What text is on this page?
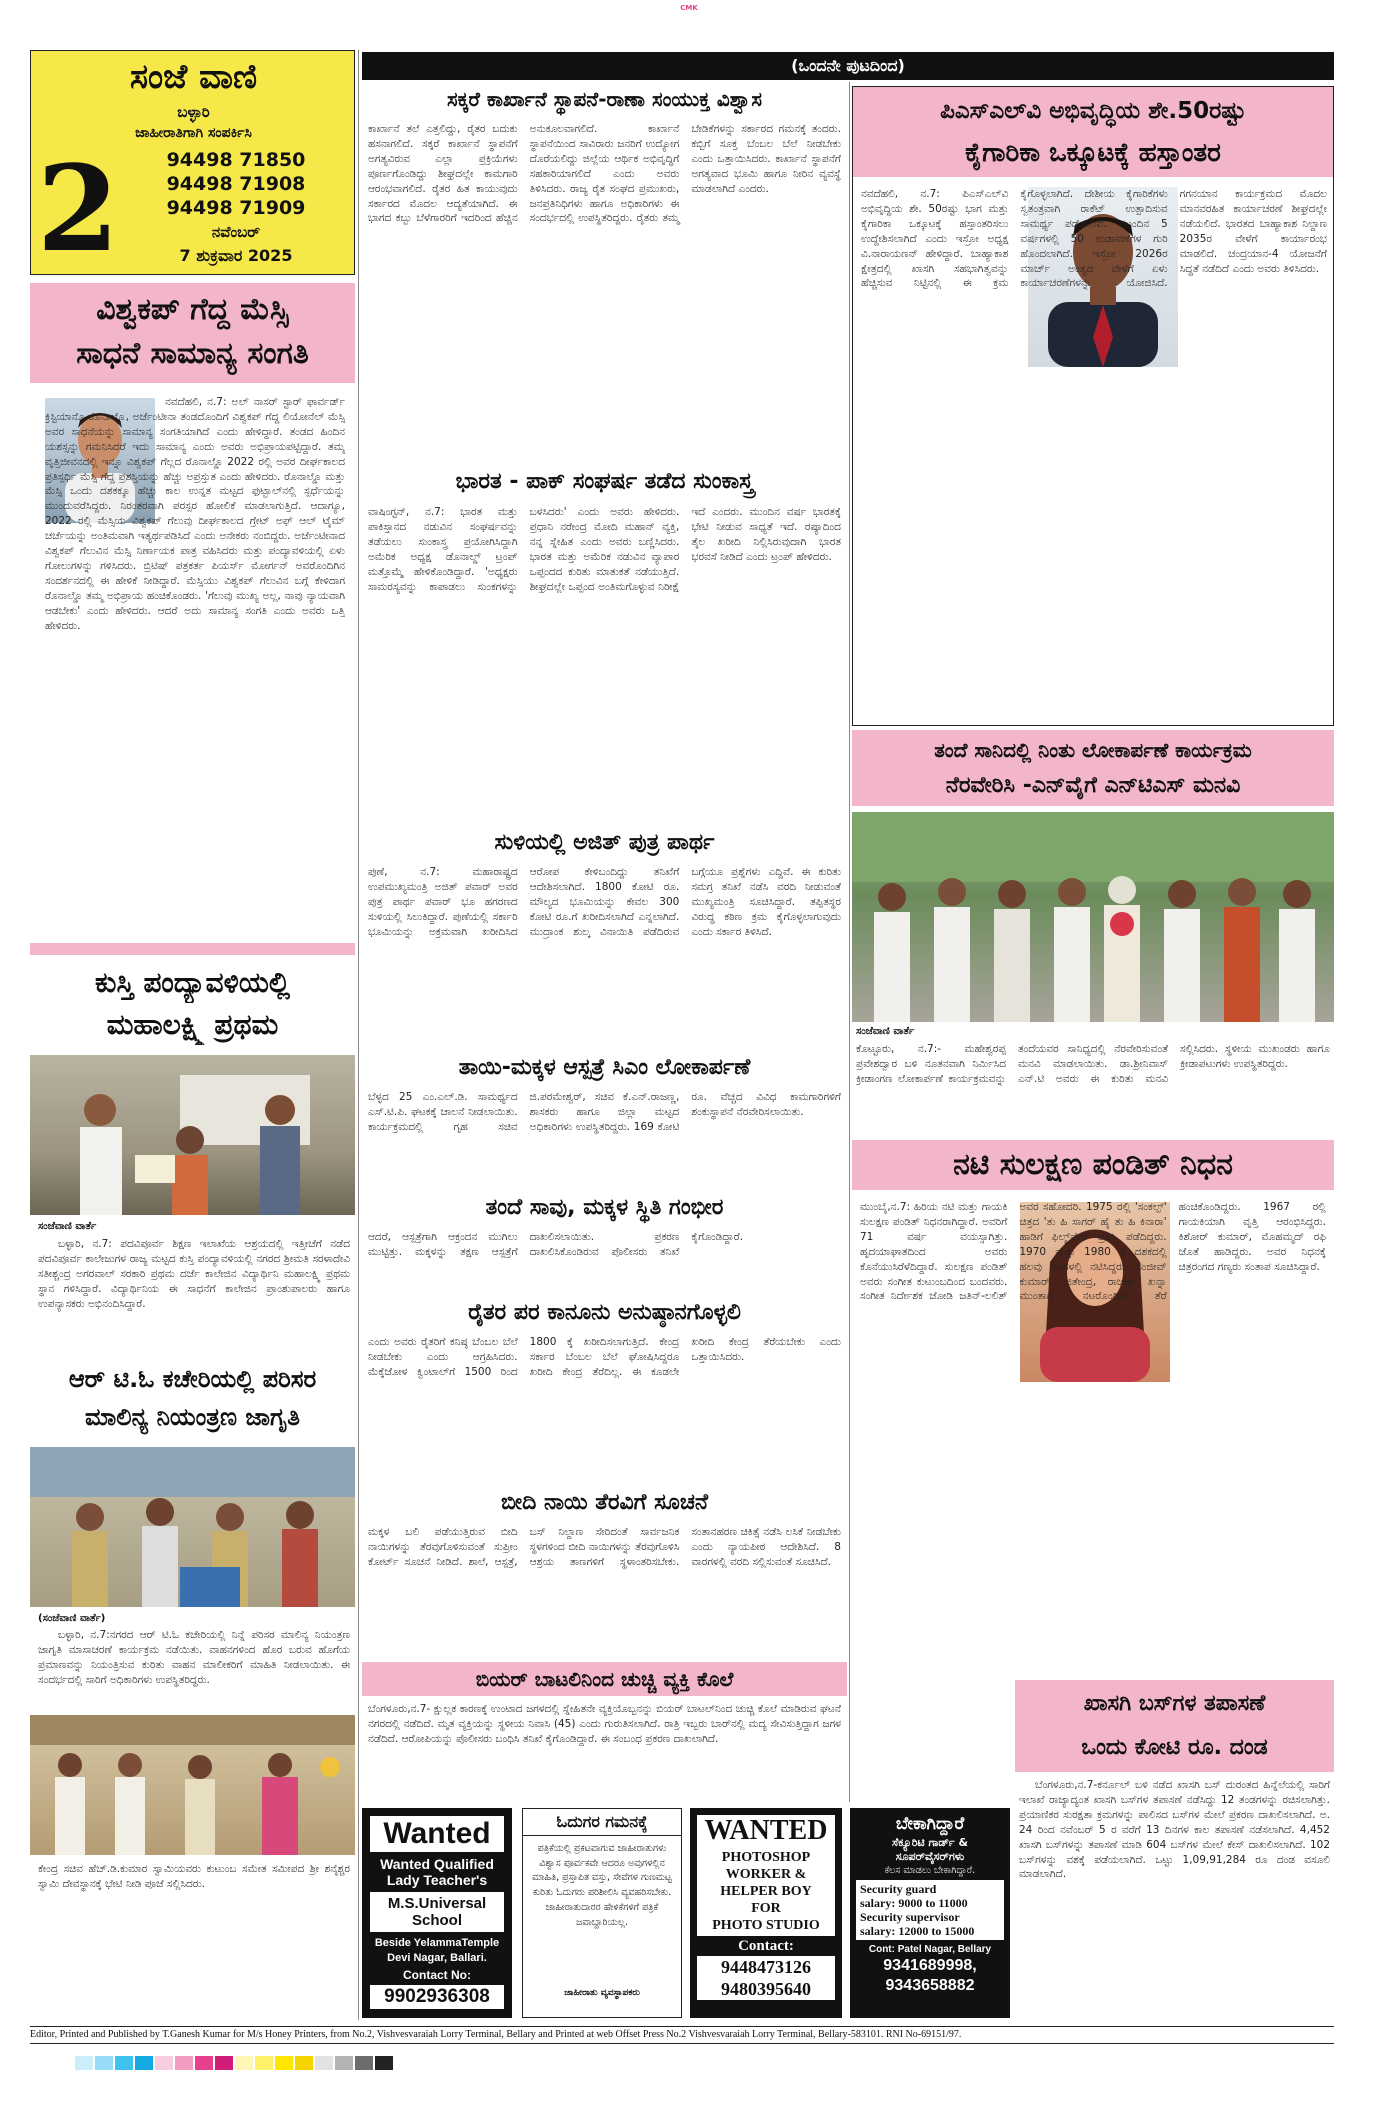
CMK
ಸಂಜೆ ವಾಣಿ
ಬಳ್ಳಾರಿ
ಜಾಹೀರಾತಿಗಾಗಿ ಸಂಪರ್ಕಿಸಿ
2	94498 71850
94498 71908
94498 71909
ನವೆಂಬರ್
7 ಶುಕ್ರವಾರ 2025
ವಿಶ್ವಕಪ್ ಗೆದ್ದ ಮೆಸ್ಸಿ
ಸಾಧನೆ ಸಾಮಾನ್ಯ ಸಂಗತಿ
ನವದೆಹಲಿ, ನ.7: ಅಲ್ ನಾಸರ್ ಸ್ಟಾರ್ ಫಾರ್ವರ್ಡ್ ಕ್ರಿಸ್ಟಿಯಾನೊ ರೊನಾಲ್ಡೊ, ಅರ್ಜೆಂಟೀನಾ ತಂಡದೊಂದಿಗೆ ವಿಶ್ವಕಪ್ ಗೆದ್ದ ಲಿಯೋನೆಲ್ ಮೆಸ್ಸಿ ಅವರ ಸಾಧನೆಯನ್ನು ಸಾಮಾನ್ಯ ಸಂಗತಿಯಾಗಿದೆ ಎಂದು ಹೇಳಿದ್ದಾರೆ. ತಂಡದ ಹಿಂದಿನ ಯಶಸ್ಸನ್ನು ಗಮನಿಸಿದರೆ ಇದು ಸಾಮಾನ್ಯ ಎಂದು ಅವರು ಅಭಿಪ್ರಾಯಪಟ್ಟಿದ್ದಾರೆ. ತಮ್ಮ ವೃತ್ತಿಜೀವನದಲ್ಲಿ ಇನ್ನೂ ವಿಶ್ವಕಪ್ ಗೆಲ್ಲದ ರೊನಾಲ್ಡೊ 2022 ರಲ್ಲಿ ಅವರ ದೀರ್ಘಕಾಲದ ಪ್ರತಿಸ್ಪರ್ಧಿ ಮೆಸ್ಸಿ ಗೆದ್ದ ಪ್ರಶಸ್ತಿಯನ್ನು ಹೆಚ್ಚು ಅಪ್ರಸ್ತುತ ಎಂದು ಹೇಳಿದರು. ರೊನಾಲ್ಡೊ ಮತ್ತು ಮೆಸ್ಸಿ ಒಂದು ದಶಕಕ್ಕೂ ಹೆಚ್ಚು ಕಾಲ ಉನ್ನತ ಮಟ್ಟದ ಫುಟ್ಬಾಲ್‌ನಲ್ಲಿ ಸ್ಪರ್ಧೆಯನ್ನು ಮುಂದುವರೆಸಿದ್ದರು. ನಿರಂತರವಾಗಿ ಪರಸ್ಪರ ಹೋಲಿಕೆ ಮಾಡಲಾಗುತ್ತಿದೆ. ಆದಾಗ್ಯೂ, 2022 ರಲ್ಲಿ ಮೆಸ್ಸಿಯ ವಿಶ್ವಕಪ್ ಗೆಲುವು ದೀರ್ಘಕಾಲದ ಗ್ರೇಟ್ ಅಫ್ ಆಲ್ ಟೈಮ್ ಚರ್ಚೆಯನ್ನು ಅಂತಿಮವಾಗಿ ಇತ್ಯರ್ಥಪಡಿಸಿದೆ ಎಂದು ಅನೇಕರು ನಂಬಿದ್ದರು. ಅರ್ಜೆಂಟೀನಾದ ವಿಶ್ವಕಪ್ ಗೆಲುವಿನ ಮೆಸ್ಸಿ ನಿರ್ಣಾಯಕ ಪಾತ್ರ ವಹಿಸಿದರು ಮತ್ತು ಪಂದ್ಯಾವಳಿಯಲ್ಲಿ ಏಳು ಗೋಲುಗಳನ್ನು ಗಳಿಸಿದರು. ಬ್ರಿಟಿಷ್ ಪತ್ರಕರ್ತ ಪಿಯರ್ಸ್ ಮೋರ್ಗನ್ ಅವರೊಂದಿಗಿನ ಸಂದರ್ಶನದಲ್ಲಿ ಈ ಹೇಳಿಕೆ ನೀಡಿದ್ದಾರೆ. ಮೆಸ್ಸಿಯು ವಿಶ್ವಕಪ್ ಗೆಲುವಿನ ಬಗ್ಗೆ ಕೇಳಿದಾಗ ರೊನಾಲ್ಡೊ ತಮ್ಮ ಅಭಿಪ್ರಾಯ ಹಂಚಿಕೊಂಡರು. 'ಗೆಲುವು ಮುಖ್ಯ ಅಲ್ಲ, ನಾವು ನ್ಯಾಯವಾಗಿ ಆಡಬೇಕು' ಎಂದು ಹೇಳಿದರು. ಆದರೆ ಅದು ಸಾಮಾನ್ಯ ಸಂಗತಿ ಎಂದು ಅವರು ಒತ್ತಿ ಹೇಳಿದರು.
ಕುಸ್ತಿ ಪಂದ್ಯಾವಳಿಯಲ್ಲಿ
ಮಹಾಲಕ್ಷ್ಮಿ ಪ್ರಥಮ
ಸಂಜೆವಾಣಿ ವಾರ್ತೆ
ಬಳ್ಳಾರಿ, ನ.7: ಪದವಿಪೂರ್ವ ಶಿಕ್ಷಣ ಇಲಾಖೆಯ ಆಶ್ರಯದಲ್ಲಿ ಇತ್ತೀಚೆಗೆ ನಡೆದ ಪದವಿಪೂರ್ವ ಕಾಲೇಜುಗಳ ರಾಜ್ಯ ಮಟ್ಟದ ಕುಸ್ತಿ ಪಂದ್ಯಾವಳಿಯಲ್ಲಿ ನಗರದ ಶ್ರೀಮತಿ ಸರಳಾದೇವಿ ಸತೀಶ್ಚಂದ್ರ ಅಗರವಾಲ್ ಸರಕಾರಿ ಪ್ರಥಮ ದರ್ಜೆ ಕಾಲೇಜಿನ ವಿದ್ಯಾರ್ಥಿನಿ ಮಹಾಲಕ್ಷ್ಮಿ ಪ್ರಥಮ ಸ್ಥಾನ ಗಳಿಸಿದ್ದಾರೆ. ವಿದ್ಯಾರ್ಥಿನಿಯ ಈ ಸಾಧನೆಗೆ ಕಾಲೇಜಿನ ಪ್ರಾಂಶುಪಾಲರು ಹಾಗೂ ಉಪನ್ಯಾಸಕರು ಅಭಿನಂದಿಸಿದ್ದಾರೆ.
ಆರ್ ಟಿ.ಓ ಕಚೇರಿಯಲ್ಲಿ ಪರಿಸರ
ಮಾಲಿನ್ಯ ನಿಯಂತ್ರಣ ಜಾಗೃತಿ
(ಸಂಜೆವಾಣಿ ವಾರ್ತೆ)
ಬಳ್ಳಾರಿ, ನ.7:ನಗರದ ಆರ್ ಟಿ.ಓ ಕಚೇರಿಯಲ್ಲಿ ನಿನ್ನೆ ಪರಿಸರ ಮಾಲಿನ್ಯ ನಿಯಂತ್ರಣ ಜಾಗೃತಿ ಮಾಸಾಚರಣೆ ಕಾರ್ಯಕ್ರಮ ನಡೆಯಿತು. ವಾಹನಗಳಿಂದ ಹೊರ ಬರುವ ಹೊಗೆಯ ಪ್ರಮಾಣವನ್ನು ನಿಯಂತ್ರಿಸುವ ಕುರಿತು ವಾಹನ ಮಾಲೀಕರಿಗೆ ಮಾಹಿತಿ ನೀಡಲಾಯಿತು. ಈ ಸಂದರ್ಭದಲ್ಲಿ ಸಾರಿಗೆ ಅಧಿಕಾರಿಗಳು ಉಪಸ್ಥಿತರಿದ್ದರು.
ಕೇಂದ್ರ ಸಚಿವ ಹೆಚ್.ಡಿ.ಕುಮಾರ ಸ್ವಾಮಿಯವರು ಕುಟುಂಬ ಸಮೇತ ಸಮೀಪದ ಶ್ರೀ ಶನೈಶ್ಚರ ಸ್ವಾಮಿ ದೇವಸ್ಥಾನಕ್ಕೆ ಭೇಟಿ ನೀಡಿ ಪೂಜೆ ಸಲ್ಲಿಸಿದರು.
(ಒಂದನೇ ಪುಟದಿಂದ)
ಸಕ್ಕರೆ ಕಾರ್ಖಾನೆ ಸ್ಥಾಪನೆ-ರಾಣಾ ಸಂಯುಕ್ತ ವಿಶ್ವಾಸ
ಕಾರ್ಖಾನೆ ತಲೆ ಎತ್ತಲಿದ್ದು, ರೈತರ ಬದುಕು ಹಸನಾಗಲಿದೆ. ಸಕ್ಕರೆ ಕಾರ್ಖಾನೆ ಸ್ಥಾಪನೆಗೆ ಅಗತ್ಯವಿರುವ ಎಲ್ಲಾ ಪ್ರಕ್ರಿಯೆಗಳು ಪೂರ್ಣಗೊಂಡಿದ್ದು ಶೀಘ್ರದಲ್ಲೇ ಕಾಮಗಾರಿ ಆರಂಭವಾಗಲಿದೆ. ರೈತರ ಹಿತ ಕಾಯುವುದು ಸರ್ಕಾರದ ಮೊದಲ ಆದ್ಯತೆಯಾಗಿದೆ. ಈ ಭಾಗದ ಕಬ್ಬು ಬೆಳೆಗಾರರಿಗೆ ಇದರಿಂದ ಹೆಚ್ಚಿನ ಅನುಕೂಲವಾಗಲಿದೆ. ಕಾರ್ಖಾನೆ ಸ್ಥಾಪನೆಯಿಂದ ಸಾವಿರಾರು ಜನರಿಗೆ ಉದ್ಯೋಗ ದೊರೆಯಲಿದ್ದು ಜಿಲ್ಲೆಯ ಆರ್ಥಿಕ ಅಭಿವೃದ್ಧಿಗೆ ಸಹಕಾರಿಯಾಗಲಿದೆ ಎಂದು ಅವರು ತಿಳಿಸಿದರು. ರಾಜ್ಯ ರೈತ ಸಂಘದ ಪ್ರಮುಖರು, ಜನಪ್ರತಿನಿಧಿಗಳು ಹಾಗೂ ಅಧಿಕಾರಿಗಳು ಈ ಸಂದರ್ಭದಲ್ಲಿ ಉಪಸ್ಥಿತರಿದ್ದರು. ರೈತರು ತಮ್ಮ ಬೇಡಿಕೆಗಳನ್ನು ಸರ್ಕಾರದ ಗಮನಕ್ಕೆ ತಂದರು. ಕಬ್ಬಿಗೆ ಸೂಕ್ತ ಬೆಂಬಲ ಬೆಲೆ ನೀಡಬೇಕು ಎಂದು ಒತ್ತಾಯಿಸಿದರು. ಕಾರ್ಖಾನೆ ಸ್ಥಾಪನೆಗೆ ಅಗತ್ಯವಾದ ಭೂಮಿ ಹಾಗೂ ನೀರಿನ ವ್ಯವಸ್ಥೆ ಮಾಡಲಾಗಿದೆ ಎಂದರು.
ಭಾರತ - ಪಾಕ್ ಸಂಘರ್ಷ ತಡೆದ ಸುಂಕಾಸ್ತ್ರ
ವಾಷಿಂಗ್ಟನ್, ನ.7: ಭಾರತ ಮತ್ತು ಪಾಕಿಸ್ತಾನದ ನಡುವಿನ ಸಂಘರ್ಷವನ್ನು ತಡೆಯಲು ಸುಂಕಾಸ್ತ್ರ ಪ್ರಯೋಗಿಸಿದ್ದಾಗಿ ಅಮೆರಿಕ ಅಧ್ಯಕ್ಷ ಡೊನಾಲ್ಡ್ ಟ್ರಂಪ್ ಮತ್ತೊಮ್ಮೆ ಹೇಳಿಕೊಂಡಿದ್ದಾರೆ. 'ಅಧ್ಯಕ್ಷರು ಸಾಮರಸ್ಯವನ್ನು ಕಾಪಾಡಲು ಸುಂಕಗಳನ್ನು ಬಳಸಿದರು' ಎಂದು ಅವರು ಹೇಳಿದರು. ಪ್ರಧಾನಿ ನರೇಂದ್ರ ಮೋದಿ ಮಹಾನ್ ವ್ಯಕ್ತಿ, ನನ್ನ ಸ್ನೇಹಿತ ಎಂದು ಅವರು ಬಣ್ಣಿಸಿದರು. ಭಾರತ ಮತ್ತು ಅಮೆರಿಕ ನಡುವಿನ ವ್ಯಾಪಾರ ಒಪ್ಪಂದದ ಕುರಿತು ಮಾತುಕತೆ ನಡೆಯುತ್ತಿದೆ. ಶೀಘ್ರದಲ್ಲೇ ಒಪ್ಪಂದ ಅಂತಿಮಗೊಳ್ಳುವ ನಿರೀಕ್ಷೆ ಇದೆ ಎಂದರು. ಮುಂದಿನ ವರ್ಷ ಭಾರತಕ್ಕೆ ಭೇಟಿ ನೀಡುವ ಸಾಧ್ಯತೆ ಇದೆ. ರಷ್ಯಾದಿಂದ ತೈಲ ಖರೀದಿ ನಿಲ್ಲಿಸಿರುವುದಾಗಿ ಭಾರತ ಭರವಸೆ ನೀಡಿದೆ ಎಂದು ಟ್ರಂಪ್ ಹೇಳಿದರು.
ಸುಳಿಯಲ್ಲಿ ಅಜಿತ್ ಪುತ್ರ ಪಾರ್ಥ
ಪುಣೆ, ನ.7: ಮಹಾರಾಷ್ಟ್ರದ ಉಪಮುಖ್ಯಮಂತ್ರಿ ಅಜಿತ್ ಪವಾರ್ ಅವರ ಪುತ್ರ ಪಾರ್ಥ ಪವಾರ್ ಭೂ ಹಗರಣದ ಸುಳಿಯಲ್ಲಿ ಸಿಲುಕಿದ್ದಾರೆ. ಪುಣೆಯಲ್ಲಿ ಸರ್ಕಾರಿ ಭೂಮಿಯನ್ನು ಅಕ್ರಮವಾಗಿ ಖರೀದಿಸಿದ ಆರೋಪ ಕೇಳಿಬಂದಿದ್ದು ತನಿಖೆಗೆ ಆದೇಶಿಸಲಾಗಿದೆ. 1800 ಕೋಟಿ ರೂ. ಮೌಲ್ಯದ ಭೂಮಿಯನ್ನು ಕೇವಲ 300 ಕೋಟಿ ರೂ.ಗೆ ಖರೀದಿಸಲಾಗಿದೆ ಎನ್ನಲಾಗಿದೆ. ಮುದ್ರಾಂಕ ಶುಲ್ಕ ವಿನಾಯಿತಿ ಪಡೆದಿರುವ ಬಗ್ಗೆಯೂ ಪ್ರಶ್ನೆಗಳು ಎದ್ದಿವೆ. ಈ ಕುರಿತು ಸಮಗ್ರ ತನಿಖೆ ನಡೆಸಿ ವರದಿ ನೀಡುವಂತೆ ಮುಖ್ಯಮಂತ್ರಿ ಸೂಚಿಸಿದ್ದಾರೆ. ತಪ್ಪಿತಸ್ಥರ ವಿರುದ್ಧ ಕಠಿಣ ಕ್ರಮ ಕೈಗೊಳ್ಳಲಾಗುವುದು ಎಂದು ಸರ್ಕಾರ ತಿಳಿಸಿದೆ.
ತಾಯಿ-ಮಕ್ಕಳ ಆಸ್ಪತ್ರೆ ಸಿಎಂ ಲೋಕಾರ್ಪಣೆ
ಬೆಳ್ಳದ 25 ಎಂ.ಎಲ್.ಡಿ. ಸಾಮರ್ಥ್ಯದ ಎಸ್.ಟಿ.ಪಿ. ಘಟಕಕ್ಕೆ ಚಾಲನೆ ನೀಡಲಾಯಿತು. ಕಾರ್ಯಕ್ರಮದಲ್ಲಿ ಗೃಹ ಸಚಿವ ಜಿ.ಪರಮೇಶ್ವರ್, ಸಚಿವ ಕೆ.ಎನ್.ರಾಜಣ್ಣ, ಶಾಸಕರು ಹಾಗೂ ಜಿಲ್ಲಾ ಮಟ್ಟದ ಅಧಿಕಾರಿಗಳು ಉಪಸ್ಥಿತರಿದ್ದರು. 169 ಕೋಟಿ ರೂ. ವೆಚ್ಚದ ವಿವಿಧ ಕಾಮಗಾರಿಗಳಿಗೆ ಶಂಕುಸ್ಥಾಪನೆ ನೆರವೇರಿಸಲಾಯಿತು.
ತಂದೆ ಸಾವು, ಮಕ್ಕಳ ಸ್ಥಿತಿ ಗಂಭೀರ
ಆದರೆ, ಆಸ್ಪತ್ರೆಗಾಗಿ ಆಕ್ರಂದನ ಮುಗಿಲು ಮುಟ್ಟಿತ್ತು. ಮಕ್ಕಳನ್ನು ತಕ್ಷಣ ಆಸ್ಪತ್ರೆಗೆ ದಾಖಲಿಸಲಾಯಿತು. ಪ್ರಕರಣ ದಾಖಲಿಸಿಕೊಂಡಿರುವ ಪೊಲೀಸರು ತನಿಖೆ ಕೈಗೊಂಡಿದ್ದಾರೆ.
ರೈತರ ಪರ ಕಾನೂನು ಅನುಷ್ಠಾನಗೊಳ್ಳಲಿ
ಎಂದು ಅವರು ರೈತರಿಗೆ ಕನಿಷ್ಠ ಬೆಂಬಲ ಬೆಲೆ ನೀಡಬೇಕು ಎಂದು ಆಗ್ರಹಿಸಿದರು. ಮೆಕ್ಕೆಜೋಳ ಕ್ವಿಂಟಾಲ್‌ಗೆ 1500 ರಿಂದ 1800 ಕ್ಕೆ ಖರೀದಿಸಲಾಗುತ್ತಿದೆ. ಕೇಂದ್ರ ಸರ್ಕಾರ ಬೆಂಬಲ ಬೆಲೆ ಘೋಷಿಸಿದ್ದರೂ ಖರೀದಿ ಕೇಂದ್ರ ತೆರೆದಿಲ್ಲ. ಈ ಕೂಡಲೇ ಖರೀದಿ ಕೇಂದ್ರ ತೆರೆಯಬೇಕು ಎಂದು ಒತ್ತಾಯಿಸಿದರು.
ಬೀದಿ ನಾಯಿ ತೆರವಿಗೆ ಸೂಚನೆ
ಮಕ್ಕಳ ಬಲಿ ಪಡೆಯುತ್ತಿರುವ ಬೀದಿ ನಾಯಿಗಳನ್ನು ತೆರವುಗೊಳಿಸುವಂತೆ ಸುಪ್ರೀಂ ಕೋರ್ಟ್ ಸೂಚನೆ ನೀಡಿದೆ. ಶಾಲೆ, ಆಸ್ಪತ್ರೆ, ಬಸ್ ನಿಲ್ದಾಣ ಸೇರಿದಂತೆ ಸಾರ್ವಜನಿಕ ಸ್ಥಳಗಳಿಂದ ಬೀದಿ ನಾಯಿಗಳನ್ನು ತೆರವುಗೊಳಿಸಿ ಆಶ್ರಯ ತಾಣಗಳಿಗೆ ಸ್ಥಳಾಂತರಿಸಬೇಕು. ಸಂತಾನಹರಣ ಚಿಕಿತ್ಸೆ ನಡೆಸಿ ಲಸಿಕೆ ನೀಡಬೇಕು ಎಂದು ನ್ಯಾಯಪೀಠ ಆದೇಶಿಸಿದೆ. 8 ವಾರಗಳಲ್ಲಿ ವರದಿ ಸಲ್ಲಿಸುವಂತೆ ಸೂಚಿಸಿದೆ.
ಬಿಯರ್ ಬಾಟಲಿನಿಂದ ಚುಚ್ಚಿ ವ್ಯಕ್ತಿ ಕೊಲೆ
ಬೆಂಗಳೂರು,ನ.7- ಕ್ಷುಲ್ಲಕ ಕಾರಣಕ್ಕೆ ಉಂಟಾದ ಜಗಳದಲ್ಲಿ ಸ್ನೇಹಿತನೇ ವ್ಯಕ್ತಿಯೊಬ್ಬನನ್ನು ಬಿಯರ್ ಬಾಟಲ್‌ನಿಂದ ಚುಚ್ಚಿ ಕೊಲೆ ಮಾಡಿರುವ ಘಟನೆ ನಗರದಲ್ಲಿ ನಡೆದಿದೆ. ಮೃತ ವ್ಯಕ್ತಿಯನ್ನು ಸ್ಥಳೀಯ ನಿವಾಸಿ (45) ಎಂದು ಗುರುತಿಸಲಾಗಿದೆ. ರಾತ್ರಿ ಇಬ್ಬರು ಬಾರ್‌ನಲ್ಲಿ ಮದ್ಯ ಸೇವಿಸುತ್ತಿದ್ದಾಗ ಜಗಳ ನಡೆದಿದೆ. ಆರೋಪಿಯನ್ನು ಪೊಲೀಸರು ಬಂಧಿಸಿ ತನಿಖೆ ಕೈಗೊಂಡಿದ್ದಾರೆ. ಈ ಸಂಬಂಧ ಪ್ರಕರಣ ದಾಖಲಾಗಿದೆ.
Wanted
Wanted Qualified Lady Teacher's
M.S.Universal School
Beside YelammaTemple Devi Nagar, Ballari.
Contact No:
9902936308
ಓದುಗರ ಗಮನಕ್ಕೆ
ಪತ್ರಿಕೆಯಲ್ಲಿ ಪ್ರಕಟವಾಗುವ ಜಾಹೀರಾತುಗಳು ವಿಶ್ವಾಸ ಪೂರ್ವಕವೇ ಆದರೂ ಅವುಗಳಲ್ಲಿನ ಮಾಹಿತಿ, ಪ್ರಸ್ತಾಪಿತ ವಸ್ತು, ಸೇವೆಗಳ ಗುಣಮಟ್ಟ ಕುರಿತು ಓದುಗರು ಪರಿಶೀಲಿಸಿ ವ್ಯವಹರಿಸಬೇಕು. ಜಾಹೀರಾತುದಾರರ ಹೇಳಿಕೆಗಳಿಗೆ ಪತ್ರಿಕೆ ಜವಾಬ್ದಾರಿಯಲ್ಲ.
ಜಾಹೀರಾತು ವ್ಯವಸ್ಥಾಪಕರು
WANTED
PHOTOSHOP
WORKER &
HELPER BOY
FOR
PHOTO STUDIO
Contact:
9448473126
9480395640
ಬೇಕಾಗಿದ್ದಾರೆ
ಸೆಕ್ಯೂರಿಟಿ ಗಾರ್ಡ್ & ಸೂಪರ್‌ವೈಸರ್‌ಗಳು
ಕೆಲಸ ಮಾಡಲು ಬೇಕಾಗಿದ್ದಾರೆ.
Security guard
salary: 9000 to 11000
Security supervisor
salary: 12000 to 15000
Cont: Patel Nagar, Bellary
9341689998,
9343658882
ಪಿಎಸ್‌ಎಲ್‌ವಿ ಅಭಿವೃದ್ಧಿಯ ಶೇ.50ರಷ್ಟು
ಕೈಗಾರಿಕಾ ಒಕ್ಕೂಟಕ್ಕೆ ಹಸ್ತಾಂತರ
ನವದೆಹಲಿ, ನ.7: ಪಿಎಸ್‌ಎಲ್‌ವಿ ಅಭಿವೃದ್ಧಿಯ ಶೇ. 50ರಷ್ಟು ಭಾಗ ಮತ್ತು ಕೈಗಾರಿಕಾ ಒಕ್ಕೂಟಕ್ಕೆ ಹಸ್ತಾಂತರಿಸಲು ಉದ್ದೇಶಿಸಲಾಗಿದೆ ಎಂದು ಇಸ್ರೋ ಅಧ್ಯಕ್ಷ ವಿ.ನಾರಾಯಣನ್ ಹೇಳಿದ್ದಾರೆ. ಬಾಹ್ಯಾಕಾಶ ಕ್ಷೇತ್ರದಲ್ಲಿ ಖಾಸಗಿ ಸಹಭಾಗಿತ್ವವನ್ನು ಹೆಚ್ಚಿಸುವ ನಿಟ್ಟಿನಲ್ಲಿ ಈ ಕ್ರಮ ಕೈಗೊಳ್ಳಲಾಗಿದೆ. ದೇಶೀಯ ಕೈಗಾರಿಕೆಗಳು ಸ್ವತಂತ್ರವಾಗಿ ರಾಕೆಟ್ ಉತ್ಪಾದಿಸುವ ಸಾಮರ್ಥ್ಯ ಪಡೆಯಲಿವೆ. ಮುಂದಿನ 5 ವರ್ಷಗಳಲ್ಲಿ 50 ಉಡಾವಣೆಗಳ ಗುರಿ ಹೊಂದಲಾಗಿದೆ. ಇಸ್ರೋ 2026ರ ಮಾರ್ಚ್ ಅಂತ್ಯದ ವೇಳೆಗೆ ಏಳು ಕಾರ್ಯಾಚರಣೆಗಳನ್ನು ಯೋಜಿಸಿದೆ. ಗಗನಯಾನ ಕಾರ್ಯಕ್ರಮದ ಮೊದಲ ಮಾನವರಹಿತ ಕಾರ್ಯಾಚರಣೆ ಶೀಘ್ರದಲ್ಲೇ ನಡೆಯಲಿದೆ. ಭಾರತದ ಬಾಹ್ಯಾಕಾಶ ನಿಲ್ದಾಣ 2035ರ ವೇಳೆಗೆ ಕಾರ್ಯಾರಂಭ ಮಾಡಲಿದೆ. ಚಂದ್ರಯಾನ-4 ಯೋಜನೆಗೆ ಸಿದ್ಧತೆ ನಡೆದಿದೆ ಎಂದು ಅವರು ತಿಳಿಸಿದರು.
ತಂದೆ ಸಾನಿದಲ್ಲಿ ನಿಂತು ಲೋಕಾರ್ಪಣೆ ಕಾರ್ಯಕ್ರಮ
ನೆರವೇರಿಸಿ -ಎನ್‌ವೈಗೆ ಎನ್‌ಟಿಎಸ್ ಮನವಿ
ಸಂಜೆವಾಣಿ ವಾರ್ತೆ
ಕೊಟ್ಟೂರು, ನ.7:- ಮಹೇಶ್ವರಪ್ಪ ಪ್ರವೇಶದ್ವಾರ ಬಳಿ ನೂತನವಾಗಿ ನಿರ್ಮಿಸಿದ ಕ್ರೀಡಾಂಗಣ ಲೋಕಾರ್ಪಣೆ ಕಾರ್ಯಕ್ರಮವನ್ನು ತಂದೆಯವರ ಸಾನಿಧ್ಯದಲ್ಲಿ ನೆರವೇರಿಸುವಂತೆ ಮನವಿ ಮಾಡಲಾಯಿತು. ಡಾ.ಶ್ರೀನಿವಾಸ್ ಎನ್.ಟಿ ಅವರು ಈ ಕುರಿತು ಮನವಿ ಸಲ್ಲಿಸಿದರು. ಸ್ಥಳೀಯ ಮುಖಂಡರು ಹಾಗೂ ಕ್ರೀಡಾಪಟುಗಳು ಉಪಸ್ಥಿತರಿದ್ದರು.
ನಟಿ ಸುಲಕ್ಷಣ ಪಂಡಿತ್ ನಿಧನ
ಮುಂಬೈ,ನ.7: ಹಿರಿಯ ನಟಿ ಮತ್ತು ಗಾಯಕಿ ಸುಲಕ್ಷಣ ಪಂಡಿತ್ ನಿಧನರಾಗಿದ್ದಾರೆ. ಅವರಿಗೆ 71 ವರ್ಷ ವಯಸ್ಸಾಗಿತ್ತು. ಹೃದಯಾಘಾತದಿಂದ ಅವರು ಕೊನೆಯುಸಿರೆಳೆದಿದ್ದಾರೆ. ಸುಲಕ್ಷಣ ಪಂಡಿತ್ ಅವರು ಸಂಗೀತ ಕುಟುಂಬದಿಂದ ಬಂದವರು. ಸಂಗೀತ ನಿರ್ದೇಶಕ ಜೋಡಿ ಜತಿನ್-ಲಲಿತ್ ಅವರ ಸಹೋದರಿ. 1975 ರಲ್ಲಿ 'ಸಂಕಲ್ಪ್' ಚಿತ್ರದ 'ತು ಹಿ ಸಾಗರ್ ಹೈ ತು ಹಿ ಕಿನಾರಾ' ಹಾಡಿಗೆ ಫಿಲ್ಮ್‌ಫೇರ್ ಪ್ರಶಸ್ತಿ ಪಡೆದಿದ್ದರು. 1970 ಮತ್ತು 1980 ರ ದಶಕದಲ್ಲಿ ಹಲವು ಚಿತ್ರಗಳಲ್ಲಿ ನಟಿಸಿದ್ದರು. ಸಂಜೀವ್ ಕುಮಾರ್, ಜಿತೇಂದ್ರ, ರಾಜೇಶ್ ಖನ್ನಾ ಮುಂತಾದ ನಟರೊಂದಿಗೆ ತೆರೆ ಹಂಚಿಕೊಂಡಿದ್ದರು. 1967 ರಲ್ಲಿ ಗಾಯಕಿಯಾಗಿ ವೃತ್ತಿ ಆರಂಭಿಸಿದ್ದರು. ಕಿಶೋರ್ ಕುಮಾರ್, ಮೊಹಮ್ಮದ್ ರಫಿ ಜೊತೆ ಹಾಡಿದ್ದರು. ಅವರ ನಿಧನಕ್ಕೆ ಚಿತ್ರರಂಗದ ಗಣ್ಯರು ಸಂತಾಪ ಸೂಚಿಸಿದ್ದಾರೆ.
ಖಾಸಗಿ ಬಸ್‌ಗಳ ತಪಾಸಣೆ
ಒಂದು ಕೋಟಿ ರೂ. ದಂಡ
ಬೆಂಗಳೂರು,ನ.7-ಕರ್ನೂಲ್ ಬಳಿ ನಡೆದ ಖಾಸಗಿ ಬಸ್ ದುರಂತದ ಹಿನ್ನೆಲೆಯಲ್ಲಿ ಸಾರಿಗೆ ಇಲಾಖೆ ರಾಜ್ಯಾದ್ಯಂತ ಖಾಸಗಿ ಬಸ್‌ಗಳ ತಪಾಸಣೆ ನಡೆಸಿದ್ದು 12 ತಂಡಗಳನ್ನು ರಚಿಸಲಾಗಿತ್ತು. ಪ್ರಯಾಣಿಕರ ಸುರಕ್ಷತಾ ಕ್ರಮಗಳನ್ನು ಪಾಲಿಸದ ಬಸ್‌ಗಳ ಮೇಲೆ ಪ್ರಕರಣ ದಾಖಲಿಸಲಾಗಿದೆ. ಅ. 24 ರಿಂದ ನವೆಂಬರ್ 5 ರ ವರೆಗೆ 13 ದಿನಗಳ ಕಾಲ ತಪಾಸಣೆ ನಡೆಸಲಾಗಿದೆ. 4,452 ಖಾಸಗಿ ಬಸ್‌ಗಳನ್ನು ತಪಾಸಣೆ ಮಾಡಿ 604 ಬಸ್‌ಗಳ ಮೇಲೆ ಕೇಸ್ ದಾಖಲಿಸಲಾಗಿದೆ. 102 ಬಸ್‌ಗಳನ್ನು ವಶಕ್ಕೆ ಪಡೆಯಲಾಗಿದೆ. ಒಟ್ಟು 1,09,91,284 ರೂ ದಂಡ ವಸೂಲಿ ಮಾಡಲಾಗಿದೆ.
Editor, Printed and Published by T.Ganesh Kumar for M/s Honey Printers, from No.2, Vishvesvaraiah Lorry Terminal, Bellary and Printed at web Offset Press No.2 Vishvesvaraiah Lorry Terminal, Bellary-583101. RNI No-69151/97.
